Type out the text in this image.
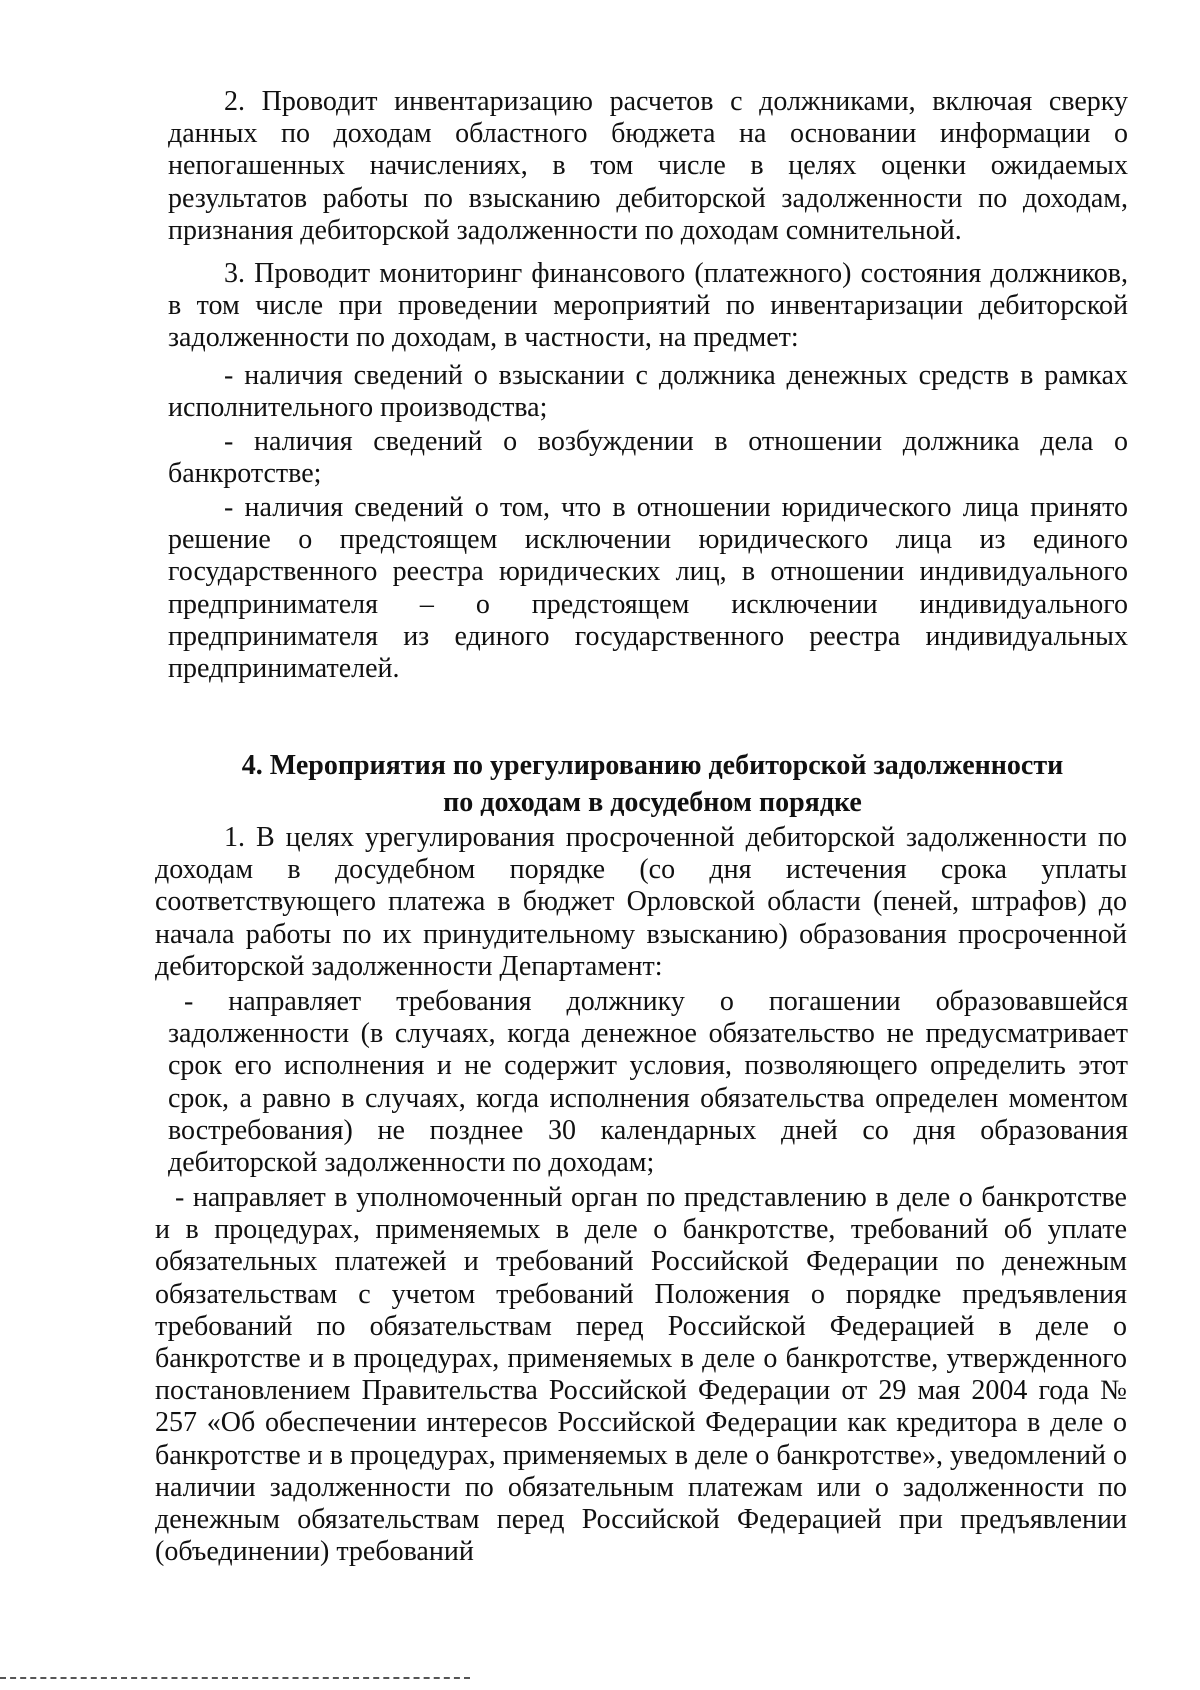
2. Проводит инвентаризацию расчетов с должниками, включая сверку данных по доходам областного бюджета на основании информации о непогашенных начислениях, в том числе в целях оценки ожидаемых результатов работы по взысканию дебиторской задолженности по доходам, признания дебиторской задолженности по доходам сомнительной.

3. Проводит мониторинг финансового (платежного) состояния должников, в том числе при проведении мероприятий по инвентаризации дебиторской задолженности по доходам, в частности, на предмет:

- наличия сведений о взыскании с должника денежных средств в рамках исполнительного производства;

- наличия сведений о возбуждении в отношении должника дела о банкротстве;

- наличия сведений о том, что в отношении юридического лица принято решение о предстоящем исключении юридического лица из единого государственного реестра юридических лиц, в отношении индивидуального предпринимателя – о предстоящем исключении индивидуального предпринимателя из единого государственного реестра индивидуальных предпринимателей.

4. Мероприятия по урегулированию дебиторской задолженности
по доходам в досудебном порядке

1. В целях урегулирования просроченной дебиторской задолженности по доходам в досудебном порядке (со дня истечения срока уплаты соответствующего платежа в бюджет Орловской области (пеней, штрафов) до начала работы по их принудительному взысканию) образования просроченной дебиторской задолженности Департамент:

- направляет требования должнику о погашении образовавшейся задолженности (в случаях, когда денежное обязательство не предусматривает срок его исполнения и не содержит условия, позволяющего определить этот срок, а равно в случаях, когда исполнения обязательства определен моментом востребования) не позднее 30 календарных дней со дня образования дебиторской задолженности по доходам;

- направляет в уполномоченный орган по представлению в деле о банкротстве и в процедурах, применяемых в деле о банкротстве, требований об уплате обязательных платежей и требований Российской Федерации по денежным обязательствам с учетом требований Положения о порядке предъявления требований по обязательствам перед Российской Федерацией в деле о банкротстве и в процедурах, применяемых в деле о банкротстве, утвержденного постановлением Правительства Российской Федерации от 29 мая 2004 года № 257 «Об обеспечении интересов Российской Федерации как кредитора в деле о банкротстве и в процедурах, применяемых в деле о банкротстве», уведомлений о наличии задолженности по обязательным платежам или о задолженности по денежным обязательствам перед Российской Федерацией при предъявлении (объединении) требований
